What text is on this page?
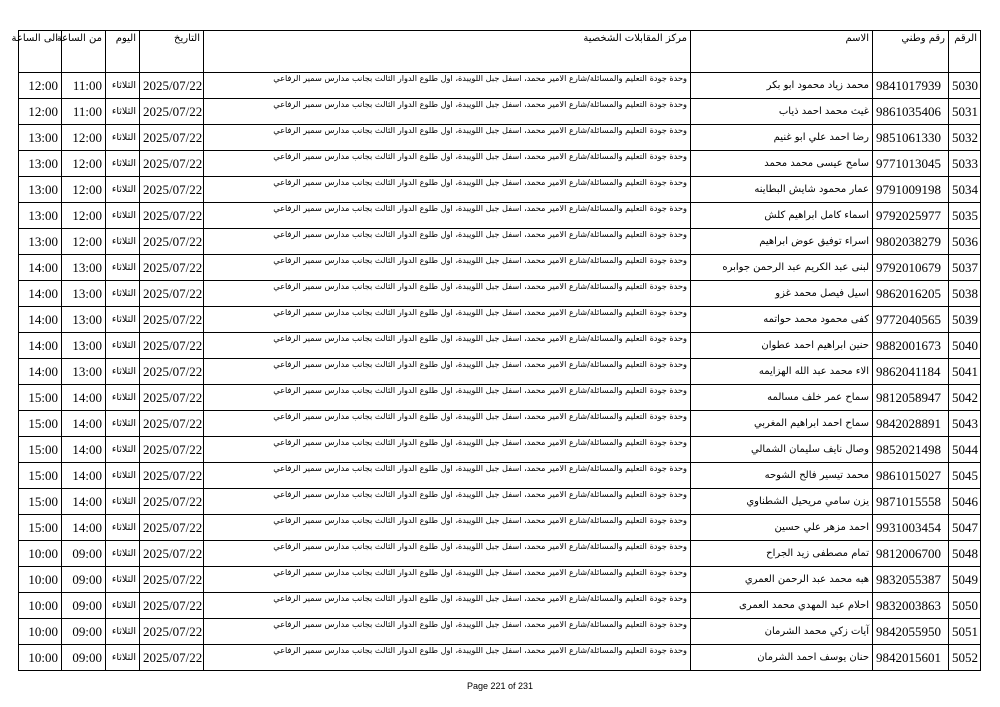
الرقم	رقم وطني	الاسم	مركز المقابلات الشخصية	التاريخ	اليوم	من الساعة	الى الساعة
5030	9841017939	محمد زياد محمود ابو بكر	وحدة جودة التعليم والمسائلة/شارع الامير محمد، اسفل جبل اللويبدة، اول طلوع الدوار الثالث بجانب مدارس سمير الرفاعي	2025/07/22	الثلاثاء	11:00	12:00
5031	9861035406	غيث محمد احمد ذياب	وحدة جودة التعليم والمسائلة/شارع الامير محمد، اسفل جبل اللويبدة، اول طلوع الدوار الثالث بجانب مدارس سمير الرفاعي	2025/07/22	الثلاثاء	11:00	12:00
5032	9851061330	رضا احمد علي ابو غنيم	وحدة جودة التعليم والمسائلة/شارع الامير محمد، اسفل جبل اللويبدة، اول طلوع الدوار الثالث بجانب مدارس سمير الرفاعي	2025/07/22	الثلاثاء	12:00	13:00
5033	9771013045	سامح عيسى محمد محمد	وحدة جودة التعليم والمسائلة/شارع الامير محمد، اسفل جبل اللويبدة، اول طلوع الدوار الثالث بجانب مدارس سمير الرفاعي	2025/07/22	الثلاثاء	12:00	13:00
5034	9791009198	عمار محمود شايش البطاينه	وحدة جودة التعليم والمسائلة/شارع الامير محمد، اسفل جبل اللويبدة، اول طلوع الدوار الثالث بجانب مدارس سمير الرفاعي	2025/07/22	الثلاثاء	12:00	13:00
5035	9792025977	اسماء كامل ابراهيم كلش	وحدة جودة التعليم والمسائلة/شارع الامير محمد، اسفل جبل اللويبدة، اول طلوع الدوار الثالث بجانب مدارس سمير الرفاعي	2025/07/22	الثلاثاء	12:00	13:00
5036	9802038279	اسراء توفيق عوض ابراهيم	وحدة جودة التعليم والمسائلة/شارع الامير محمد، اسفل جبل اللويبدة، اول طلوع الدوار الثالث بجانب مدارس سمير الرفاعي	2025/07/22	الثلاثاء	12:00	13:00
5037	9792010679	لبنى عبد الكريم عبد الرحمن جوابره	وحدة جودة التعليم والمسائلة/شارع الامير محمد، اسفل جبل اللويبدة، اول طلوع الدوار الثالث بجانب مدارس سمير الرفاعي	2025/07/22	الثلاثاء	13:00	14:00
5038	9862016205	اسيل فيصل محمد غزو	وحدة جودة التعليم والمسائلة/شارع الامير محمد، اسفل جبل اللويبدة، اول طلوع الدوار الثالث بجانب مدارس سمير الرفاعي	2025/07/22	الثلاثاء	13:00	14:00
5039	9772040565	كفى محمود محمد حواتمه	وحدة جودة التعليم والمسائلة/شارع الامير محمد، اسفل جبل اللويبدة، اول طلوع الدوار الثالث بجانب مدارس سمير الرفاعي	2025/07/22	الثلاثاء	13:00	14:00
5040	9882001673	حنين ابراهيم احمد عطوان	وحدة جودة التعليم والمسائلة/شارع الامير محمد، اسفل جبل اللويبدة، اول طلوع الدوار الثالث بجانب مدارس سمير الرفاعي	2025/07/22	الثلاثاء	13:00	14:00
5041	9862041184	الاء محمد عبد الله الهزايمه	وحدة جودة التعليم والمسائلة/شارع الامير محمد، اسفل جبل اللويبدة، اول طلوع الدوار الثالث بجانب مدارس سمير الرفاعي	2025/07/22	الثلاثاء	13:00	14:00
5042	9812058947	سماح عمر خلف مسالمه	وحدة جودة التعليم والمسائلة/شارع الامير محمد، اسفل جبل اللويبدة، اول طلوع الدوار الثالث بجانب مدارس سمير الرفاعي	2025/07/22	الثلاثاء	14:00	15:00
5043	9842028891	سماح احمد ابراهيم المغربي	وحدة جودة التعليم والمسائلة/شارع الامير محمد، اسفل جبل اللويبدة، اول طلوع الدوار الثالث بجانب مدارس سمير الرفاعي	2025/07/22	الثلاثاء	14:00	15:00
5044	9852021498	وصال نايف سليمان الشمالي	وحدة جودة التعليم والمسائلة/شارع الامير محمد، اسفل جبل اللويبدة، اول طلوع الدوار الثالث بجانب مدارس سمير الرفاعي	2025/07/22	الثلاثاء	14:00	15:00
5045	9861015027	محمد تيسير فالح الشوحه	وحدة جودة التعليم والمسائلة/شارع الامير محمد، اسفل جبل اللويبدة، اول طلوع الدوار الثالث بجانب مدارس سمير الرفاعي	2025/07/22	الثلاثاء	14:00	15:00
5046	9871015558	يزن سامي مريحيل الشطناوي	وحدة جودة التعليم والمسائلة/شارع الامير محمد، اسفل جبل اللويبدة، اول طلوع الدوار الثالث بجانب مدارس سمير الرفاعي	2025/07/22	الثلاثاء	14:00	15:00
5047	9931003454	احمد مزهر علي حسين	وحدة جودة التعليم والمسائلة/شارع الامير محمد، اسفل جبل اللويبدة، اول طلوع الدوار الثالث بجانب مدارس سمير الرفاعي	2025/07/22	الثلاثاء	14:00	15:00
5048	9812006700	تمام مصطفى زيد الجراح	وحدة جودة التعليم والمسائلة/شارع الامير محمد، اسفل جبل اللويبدة، اول طلوع الدوار الثالث بجانب مدارس سمير الرفاعي	2025/07/22	الثلاثاء	09:00	10:00
5049	9832055387	هبه محمد عبد الرحمن العمري	وحدة جودة التعليم والمسائلة/شارع الامير محمد، اسفل جبل اللويبدة، اول طلوع الدوار الثالث بجانب مدارس سمير الرفاعي	2025/07/22	الثلاثاء	09:00	10:00
5050	9832003863	احلام عبد المهدي محمد العمرى	وحدة جودة التعليم والمسائلة/شارع الامير محمد، اسفل جبل اللويبدة، اول طلوع الدوار الثالث بجانب مدارس سمير الرفاعي	2025/07/22	الثلاثاء	09:00	10:00
5051	9842055950	آيات زكي محمد الشرمان	وحدة جودة التعليم والمسائلة/شارع الامير محمد، اسفل جبل اللويبدة، اول طلوع الدوار الثالث بجانب مدارس سمير الرفاعي	2025/07/22	الثلاثاء	09:00	10:00
5052	9842015601	حنان يوسف احمد الشرمان	وحدة جودة التعليم والمسائلة/شارع الامير محمد، اسفل جبل اللويبدة، اول طلوع الدوار الثالث بجانب مدارس سمير الرفاعي	2025/07/22	الثلاثاء	09:00	10:00
Page 221 of 231
